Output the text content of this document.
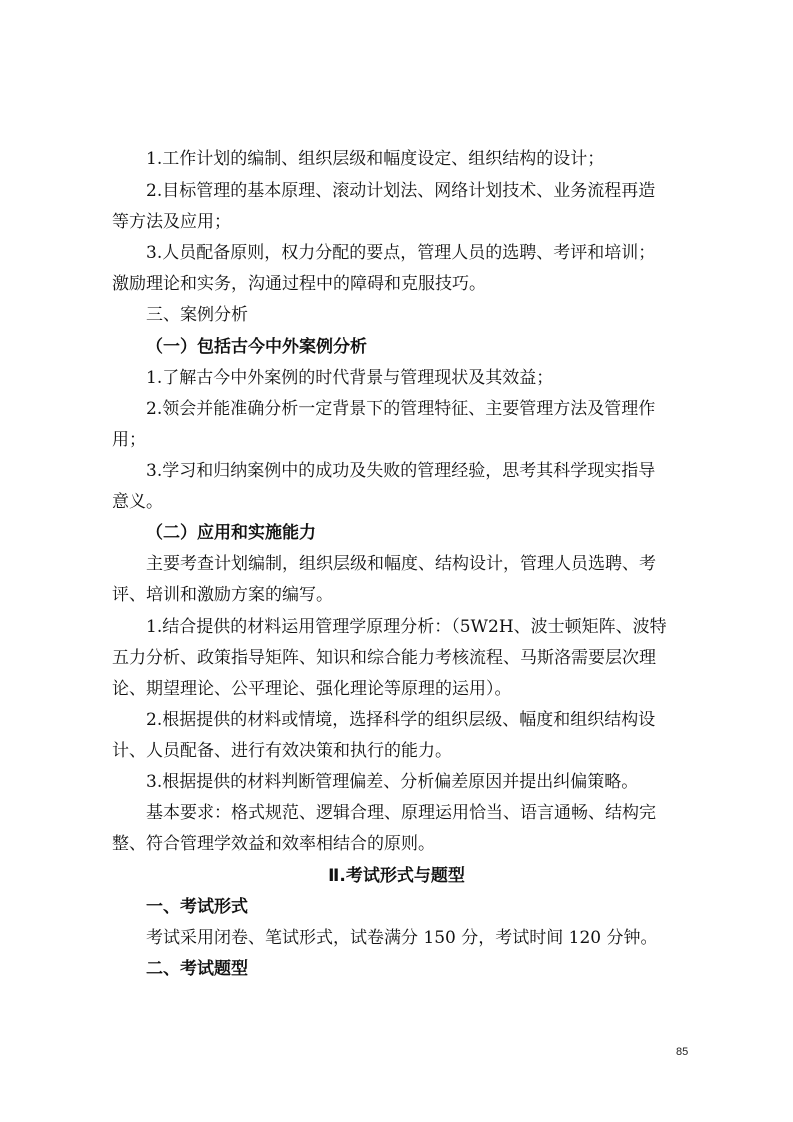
1.工作计划的编制、组织层级和幅度设定、组织结构的设计；
2.目标管理的基本原理、滚动计划法、网络计划技术、业务流程再造
等方法及应用；
3.人员配备原则，权力分配的要点，管理人员的选聘、考评和培训；
激励理论和实务，沟通过程中的障碍和克服技巧。
三、案例分析
（一）包括古今中外案例分析
1.了解古今中外案例的时代背景与管理现状及其效益；
2.领会并能准确分析一定背景下的管理特征、主要管理方法及管理作
用；
3.学习和归纳案例中的成功及失败的管理经验，思考其科学现实指导
意义。
（二）应用和实施能力
主要考查计划编制，组织层级和幅度、结构设计，管理人员选聘、考
评、培训和激励方案的编写。
1.结合提供的材料运用管理学原理分析：（5W2H、波士顿矩阵、波特
五力分析、政策指导矩阵、知识和综合能力考核流程、马斯洛需要层次理
论、期望理论、公平理论、强化理论等原理的运用）。
2.根据提供的材料或情境，选择科学的组织层级、幅度和组织结构设
计、人员配备、进行有效决策和执行的能力。
3.根据提供的材料判断管理偏差、分析偏差原因并提出纠偏策略。
基本要求：格式规范、逻辑合理、原理运用恰当、语言通畅、结构完
整、符合管理学效益和效率相结合的原则。
Ⅱ.考试形式与题型
一、考试形式
考试采用闭卷、笔试形式，试卷满分 150 分，考试时间 120 分钟。
二、考试题型
85
